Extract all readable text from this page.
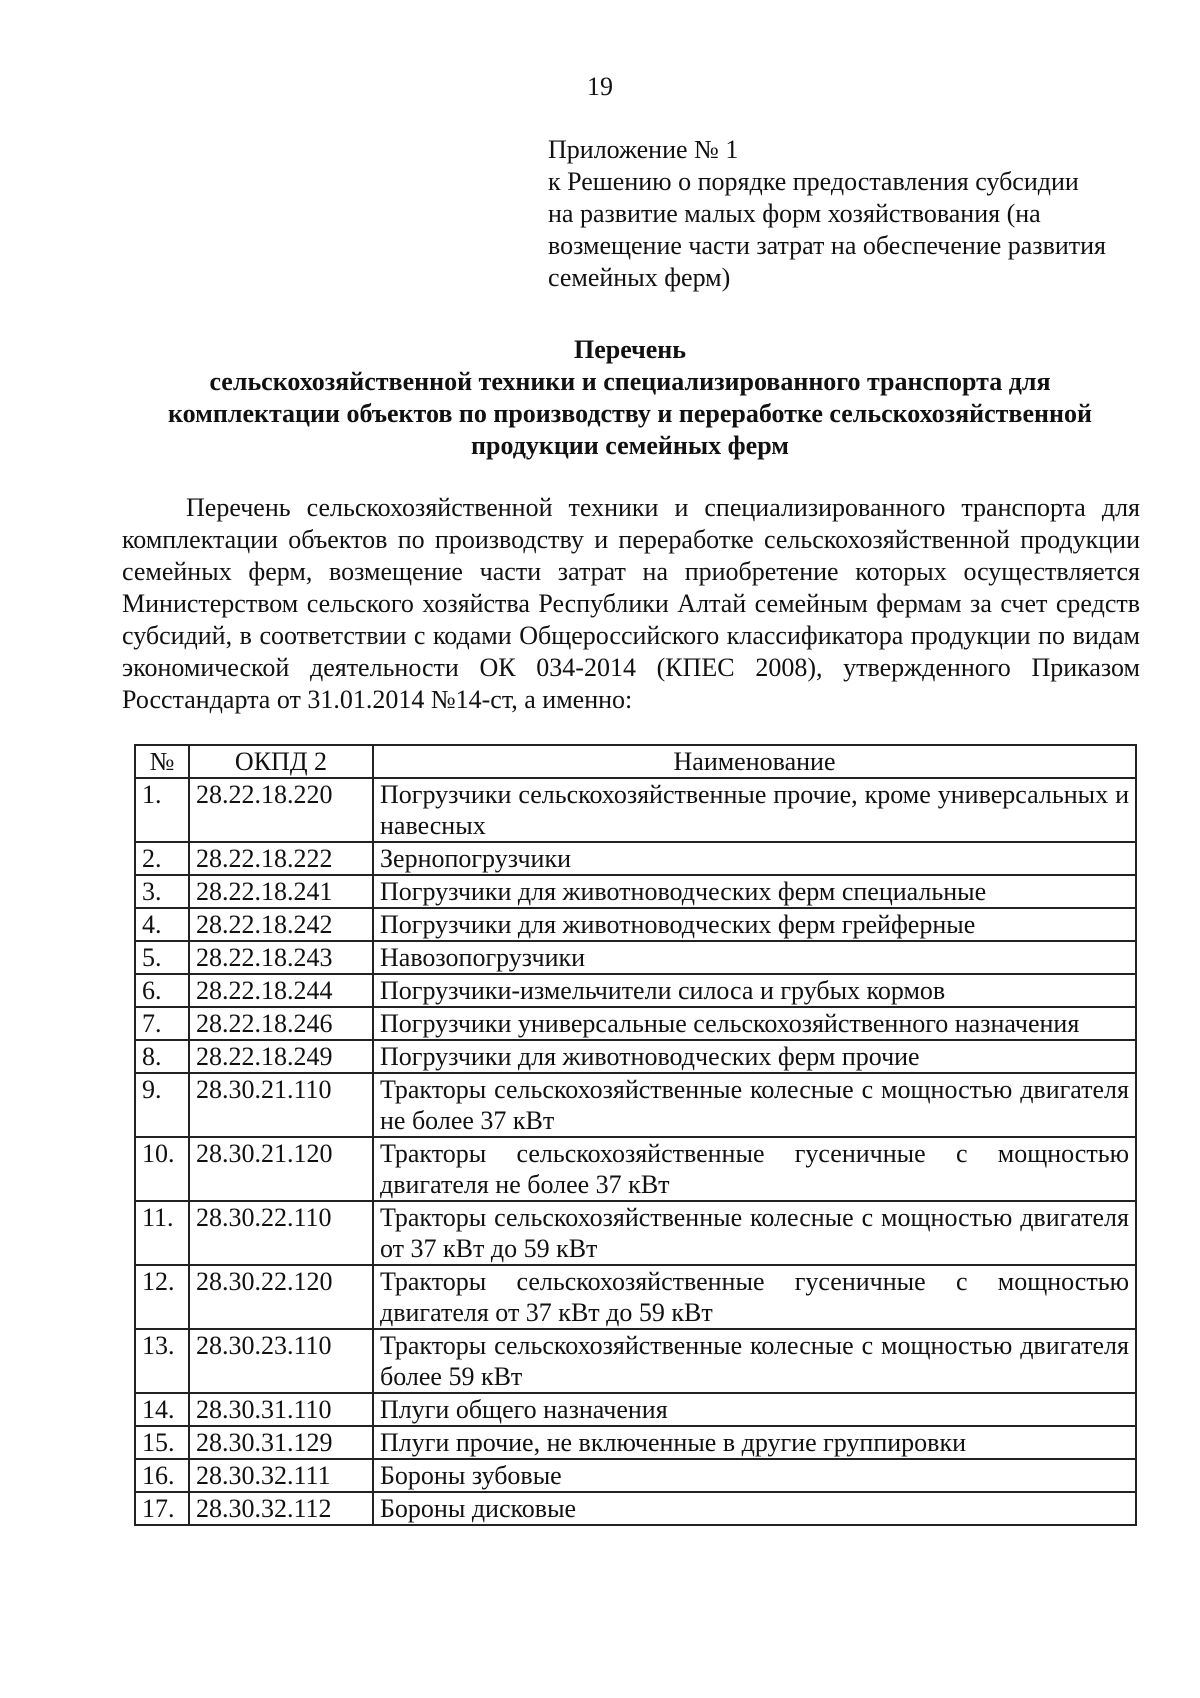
19
Приложение № 1
к Решению о порядке предоставления субсидии
на развитие малых форм хозяйствования (на
возмещение части затрат на обеспечение развития
семейных ферм)
Перечень
сельскохозяйственной техники и специализированного транспорта для
комплектации объектов по производству и переработке сельскохозяйственной
продукции семейных ферм
Перечень сельскохозяйственной техники и специализированного транспорта для комплектации объектов по производству и переработке сельскохозяйственной продукции семейных ферм, возмещение части затрат на приобретение которых осуществляется Министерством сельского хозяйства Республики Алтай семейным фермам за счет средств субсидий, в соответствии с кодами Общероссийского классификатора продукции по видам экономической деятельности ОК 034-2014 (КПЕС 2008), утвержденного Приказом Росстандарта от 31.01.2014 №14-ст, а именно:
№	ОКПД 2	Наименование
1.	28.22.18.220	Погрузчики сельскохозяйственные прочие, кроме универсальных и навесных
2.	28.22.18.222	Зернопогрузчики
3.	28.22.18.241	Погрузчики для животноводческих ферм специальные
4.	28.22.18.242	Погрузчики для животноводческих ферм грейферные
5.	28.22.18.243	Навозопогрузчики
6.	28.22.18.244	Погрузчики-измельчители силоса и грубых кормов
7.	28.22.18.246	Погрузчики универсальные сельскохозяйственного назначения
8.	28.22.18.249	Погрузчики для животноводческих ферм прочие
9.	28.30.21.110	Тракторы сельскохозяйственные колесные с мощностью двигателя не более 37 кВт
10.	28.30.21.120	Тракторы сельскохозяйственные гусеничные с мощностью двигателя не более 37 кВт
11.	28.30.22.110	Тракторы сельскохозяйственные колесные с мощностью двигателя от 37 кВт до 59 кВт
12.	28.30.22.120	Тракторы сельскохозяйственные гусеничные с мощностью двигателя от 37 кВт до 59 кВт
13.	28.30.23.110	Тракторы сельскохозяйственные колесные с мощностью двигателя более 59 кВт
14.	28.30.31.110	Плуги общего назначения
15.	28.30.31.129	Плуги прочие, не включенные в другие группировки
16.	28.30.32.111	Бороны зубовые
17.	28.30.32.112	Бороны дисковые
